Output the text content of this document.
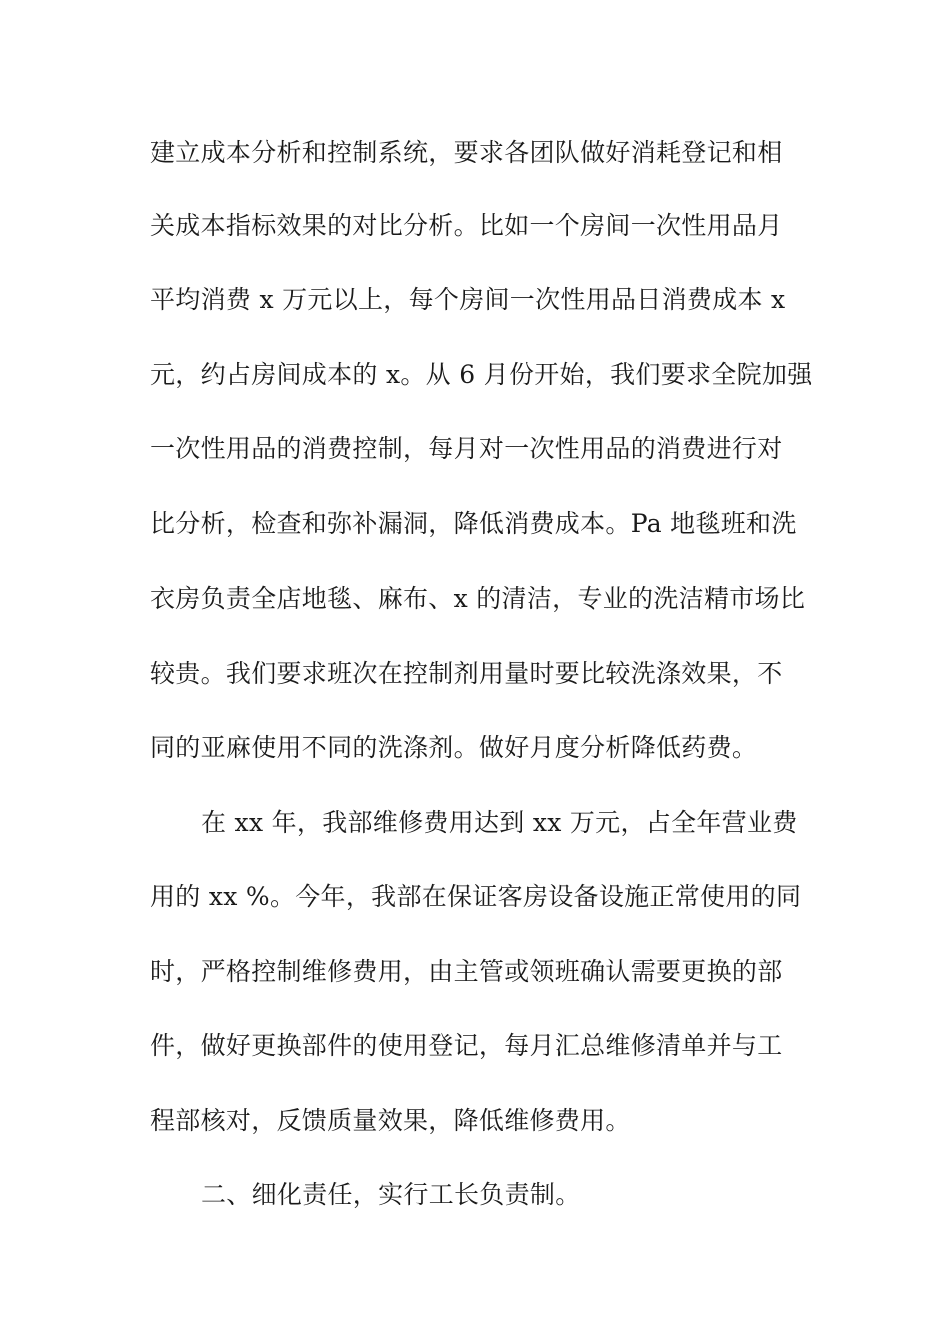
建立成本分析和控制系统，要求各团队做好消耗登记和相
关成本指标效果的对比分析。比如一个房间一次性用品月
平均消费 x 万元以上，每个房间一次性用品日消费成本 x
元，约占房间成本的 x。从 6 月份开始，我们要求全院加强
一次性用品的消费控制，每月对一次性用品的消费进行对
比分析，检查和弥补漏洞，降低消费成本。Pa 地毯班和洗
衣房负责全店地毯、麻布、x 的清洁，专业的洗洁精市场比
较贵。我们要求班次在控制剂用量时要比较洗涤效果，不
同的亚麻使用不同的洗涤剂。做好月度分析降低药费。
在 xx 年，我部维修费用达到 xx 万元，占全年营业费
用的 xx %。今年，我部在保证客房设备设施正常使用的同
时，严格控制维修费用，由主管或领班确认需要更换的部
件，做好更换部件的使用登记，每月汇总维修清单并与工
程部核对，反馈质量效果，降低维修费用。
二、细化责任，实行工长负责制。
